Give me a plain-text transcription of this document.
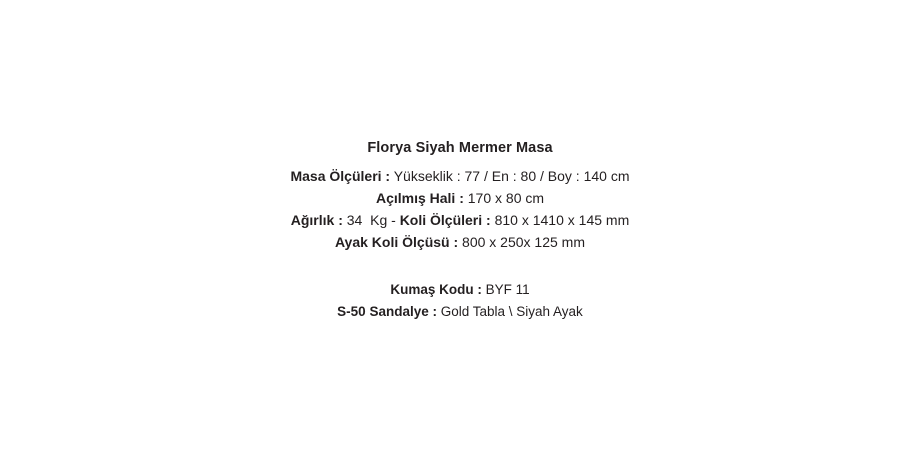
Florya Siyah Mermer Masa
Masa Ölçüleri : Yükseklik : 77 / En : 80 / Boy : 140 cm
Açılmış Hali : 170 x 80 cm
Ağırlık : 34  Kg - Koli Ölçüleri : 810 x 1410 x 145 mm
Ayak Koli Ölçüsü : 800 x 250x 125 mm
Kumaş Kodu : BYF 11
S-50 Sandalye : Gold Tabla \ Siyah Ayak
